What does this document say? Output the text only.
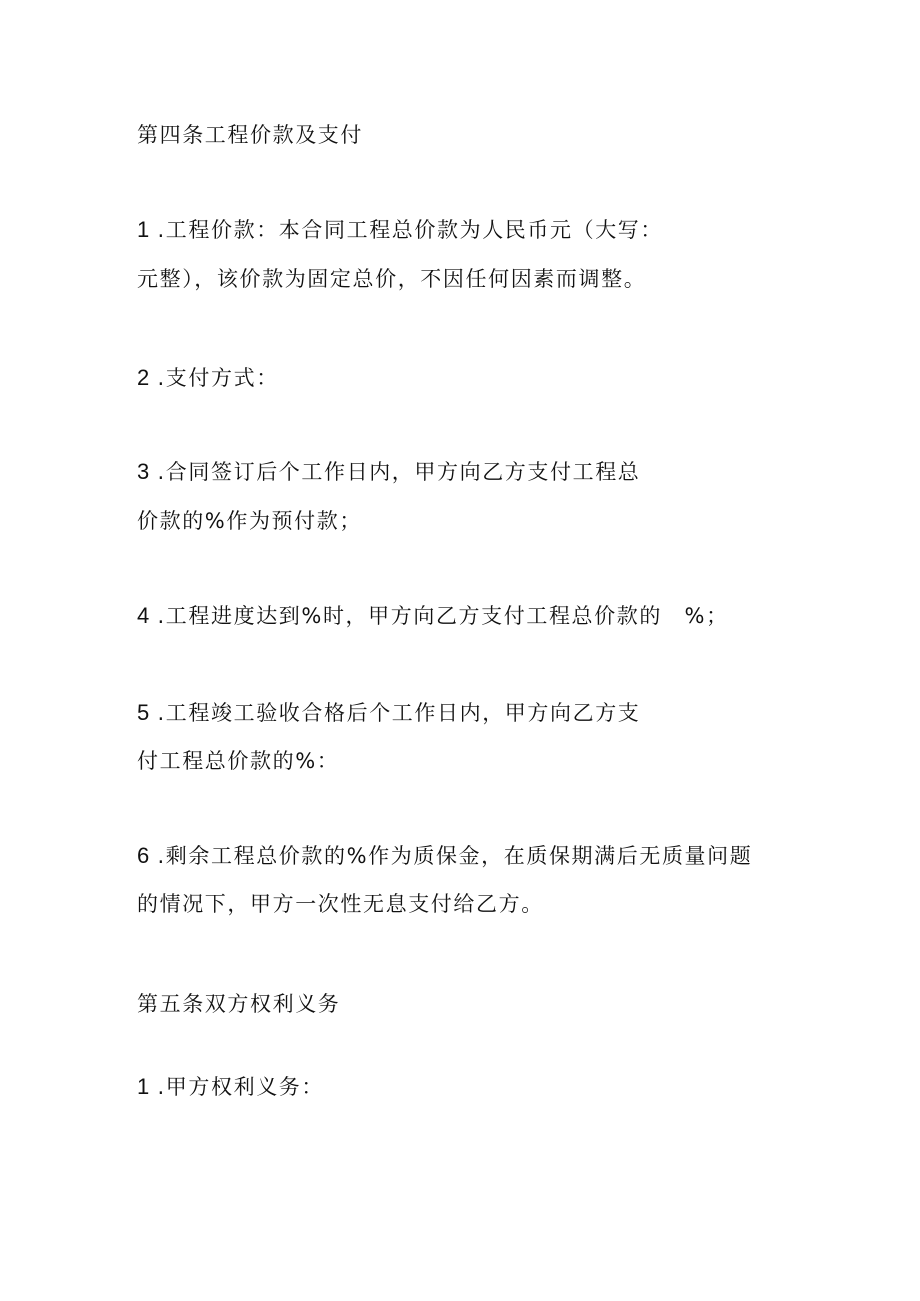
第四条工程价款及支付
1 .工程价款：本合同工程总价款为人民币元（大写：
元整），该价款为固定总价，不因任何因素而调整。
2 .支付方式：
3 .合同签订后个工作日内，甲方向乙方支付工程总
价款的%作为预付款；
4 .工程进度达到%时，甲方向乙方支付工程总价款的　%；
5 .工程竣工验收合格后个工作日内，甲方向乙方支
付工程总价款的%：
6 .剩余工程总价款的%作为质保金，在质保期满后无质量问题
的情况下，甲方一次性无息支付给乙方。
第五条双方权利义务
1 .甲方权利义务：
